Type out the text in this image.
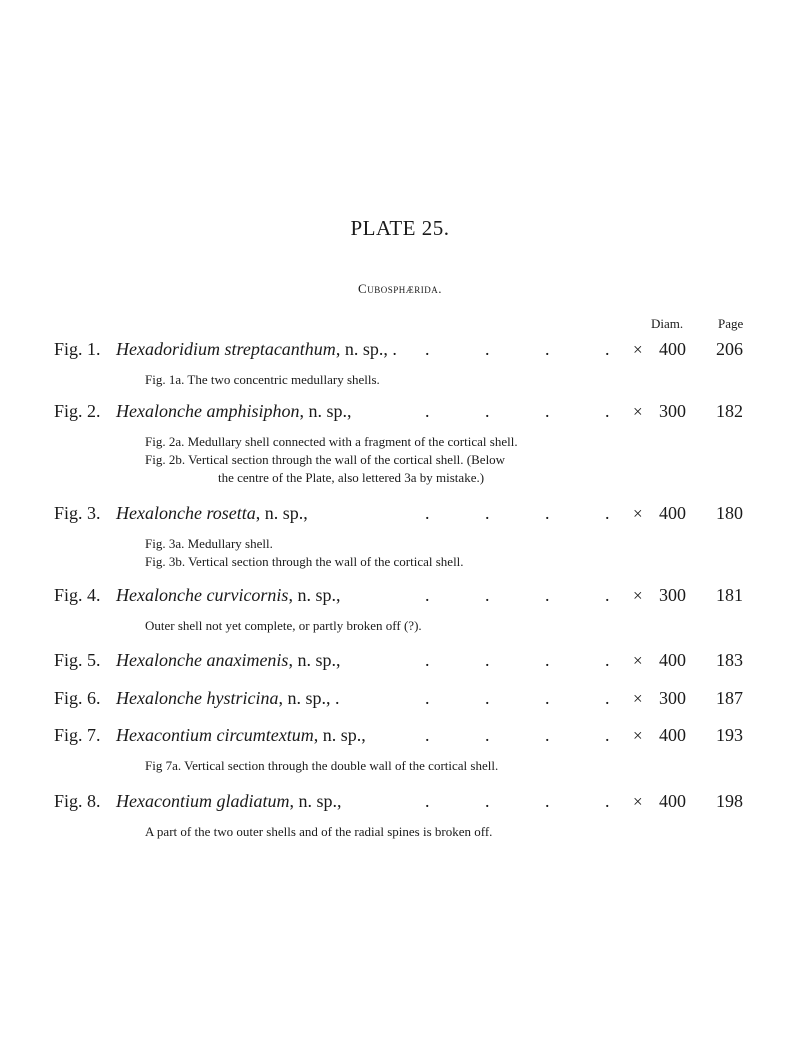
PLATE 25.
Cubosphærida.
Diam.	Page
Fig. 1. Hexadoridium streptacanthum, n. sp., . .	.	.	. × 400 206
Fig. 1a. The two concentric medullary shells.
Fig. 2. Hexalonche amphisiphon, n. sp.,	.	.	.	. × 300 182
Fig. 2a. Medullary shell connected with a fragment of the cortical shell.
Fig. 2b. Vertical section through the wall of the cortical shell. (Below
the centre of the Plate, also lettered 3a by mistake.)
Fig. 3. Hexalonche rosetta, n. sp.,	.	.	.	. × 400 180
Fig. 3a. Medullary shell.
Fig. 3b. Vertical section through the wall of the cortical shell.
Fig. 4. Hexalonche curvicornis, n. sp.,	.	.	.	. × 300 181
Outer shell not yet complete, or partly broken off (?).
Fig. 5. Hexalonche anaximenis, n. sp.,	.	.	.	. × 400 183
Fig. 6. Hexalonche hystricina, n. sp., .	.	.	.	. × 300 187
Fig. 7. Hexacontium circumtextum, n. sp.,	.	.	.	. × 400 193
Fig 7a. Vertical section through the double wall of the cortical shell.
Fig. 8. Hexacontium gladiatum, n. sp.,	.	.	.	. × 400 198
A part of the two outer shells and of the radial spines is broken off.
